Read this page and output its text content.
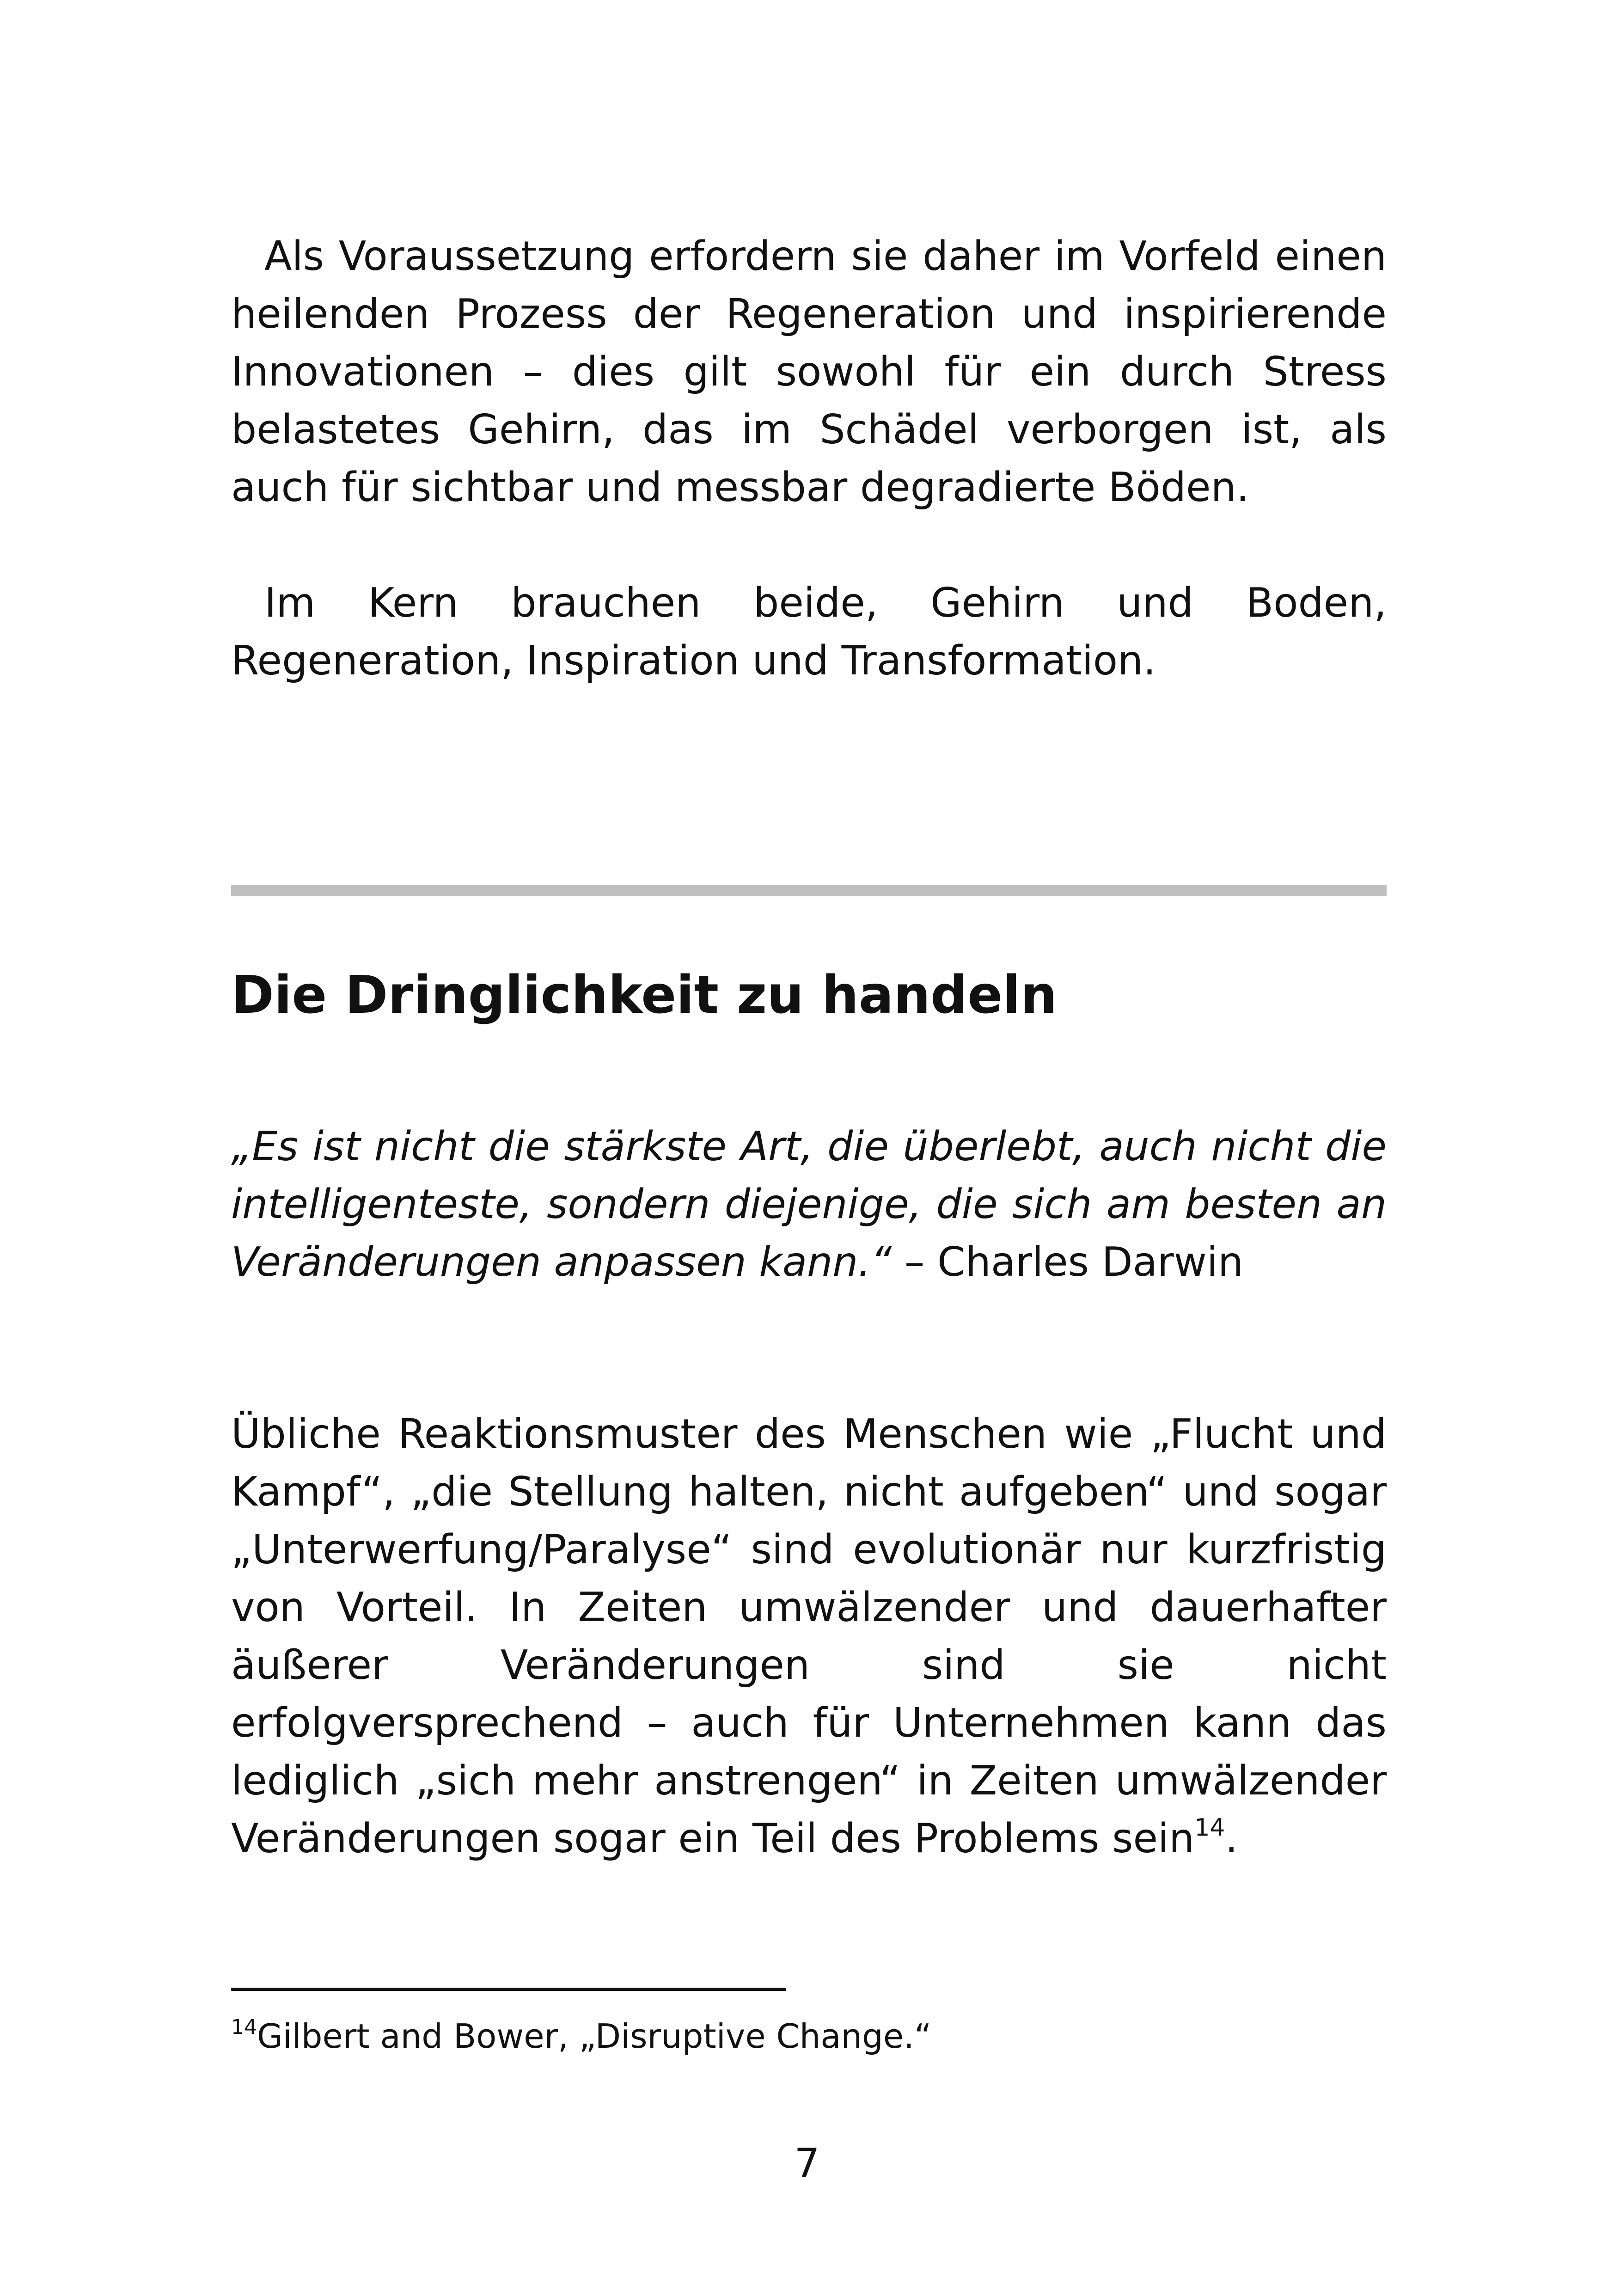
Als Voraussetzung erfordern sie daher im Vorfeld einen heilenden Prozess der Regeneration und inspirierende Innovationen – dies gilt sowohl für ein durch Stress belastetes Gehirn, das im Schädel verborgen ist, als auch für sichtbar und messbar degradierte Böden.

Im Kern brauchen beide, Gehirn und Boden, Regeneration, Inspiration und Transformation.

Die Dringlichkeit zu handeln

„Es ist nicht die stärkste Art, die überlebt, auch nicht die intelligenteste, sondern diejenige, die sich am besten an Veränderungen anpassen kann.“ – Charles Darwin

Übliche Reaktionsmuster des Menschen wie „Flucht und Kampf“, „die Stellung halten, nicht aufgeben“ und sogar „Unterwerfung/Paralyse“ sind evolutionär nur kurzfristig von Vorteil. In Zeiten umwälzender und dauerhafter äußerer Veränderungen sind sie nicht erfolgversprechend – auch für Unternehmen kann das lediglich „sich mehr anstrengen“ in Zeiten umwälzender Veränderungen sogar ein Teil des Problems sein$^{14}$.

$^{14}$Gilbert and Bower, „Disruptive Change.“

7
